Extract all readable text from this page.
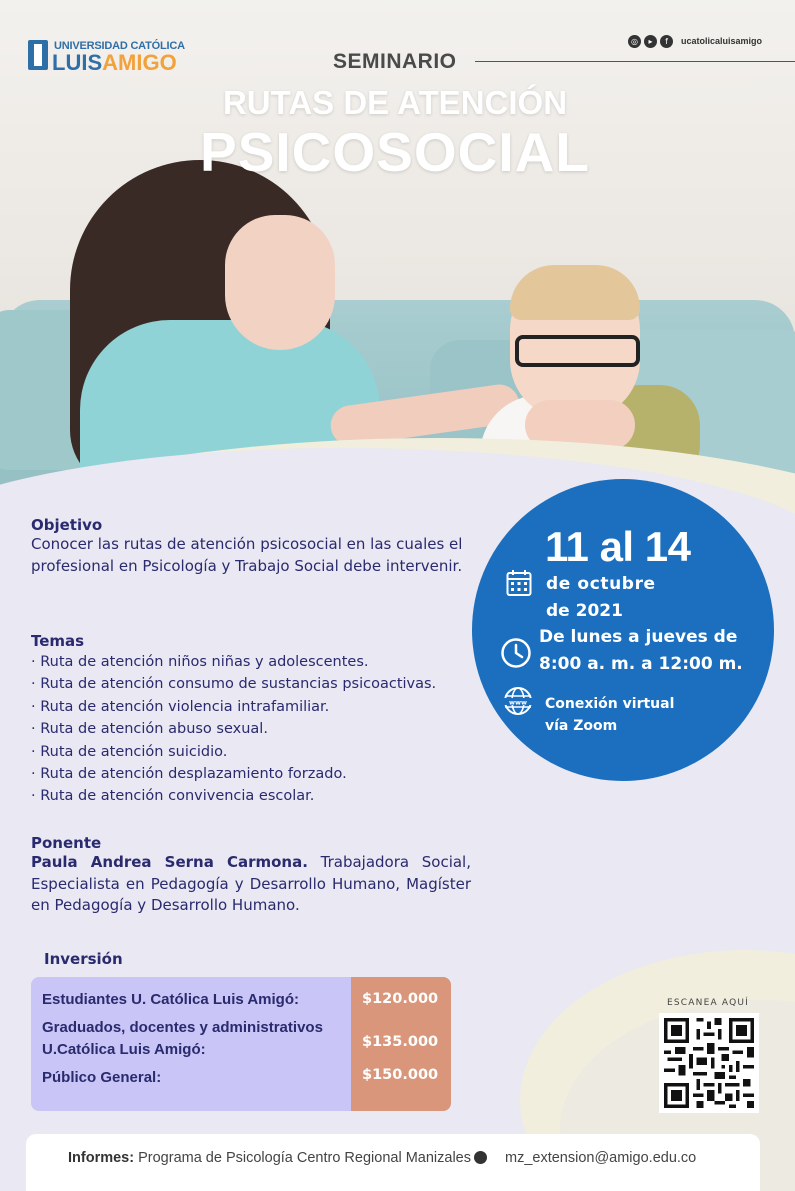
UNIVERSIDAD CATÓLICA
LUISAMIGO
◎	▸	f	ucatolicaluisamigo
SEMINARIO
RUTAS DE ATENCIÓN
PSICOSOCIAL
11 al 14
de octubre
de 2021
De lunes a jueves de
8:00 a. m. a 12:00 m.
www Conexión virtual
vía Zoom
Objetivo
Conocer las rutas de atención psicosocial en las cuales el profesional en Psicología y Trabajo Social debe intervenir.
Temas
· Ruta de atención niños niñas y adolescentes.
· Ruta de atención consumo de sustancias psicoactivas.
· Ruta de atención violencia intrafamiliar.
· Ruta de atención abuso sexual.
· Ruta de atención suicidio.
· Ruta de atención desplazamiento forzado.
· Ruta de atención convivencia escolar.
Ponente
Paula Andrea Serna Carmona. Trabajadora Social, Especialista en Pedagogía y Desarrollo Humano, Magíster en Pedagogía y Desarrollo Humano.
Inversión
Estudiantes U. Católica Luis Amigó:	$120.000
Graduados, docentes y administrativos
U.Católica Luis Amigó:	$135.000
Público General:	$150.000
ESCANEA AQUÍ
Informes: Programa de Psicología Centro Regional Manizales mz_extension@amigo.edu.co
